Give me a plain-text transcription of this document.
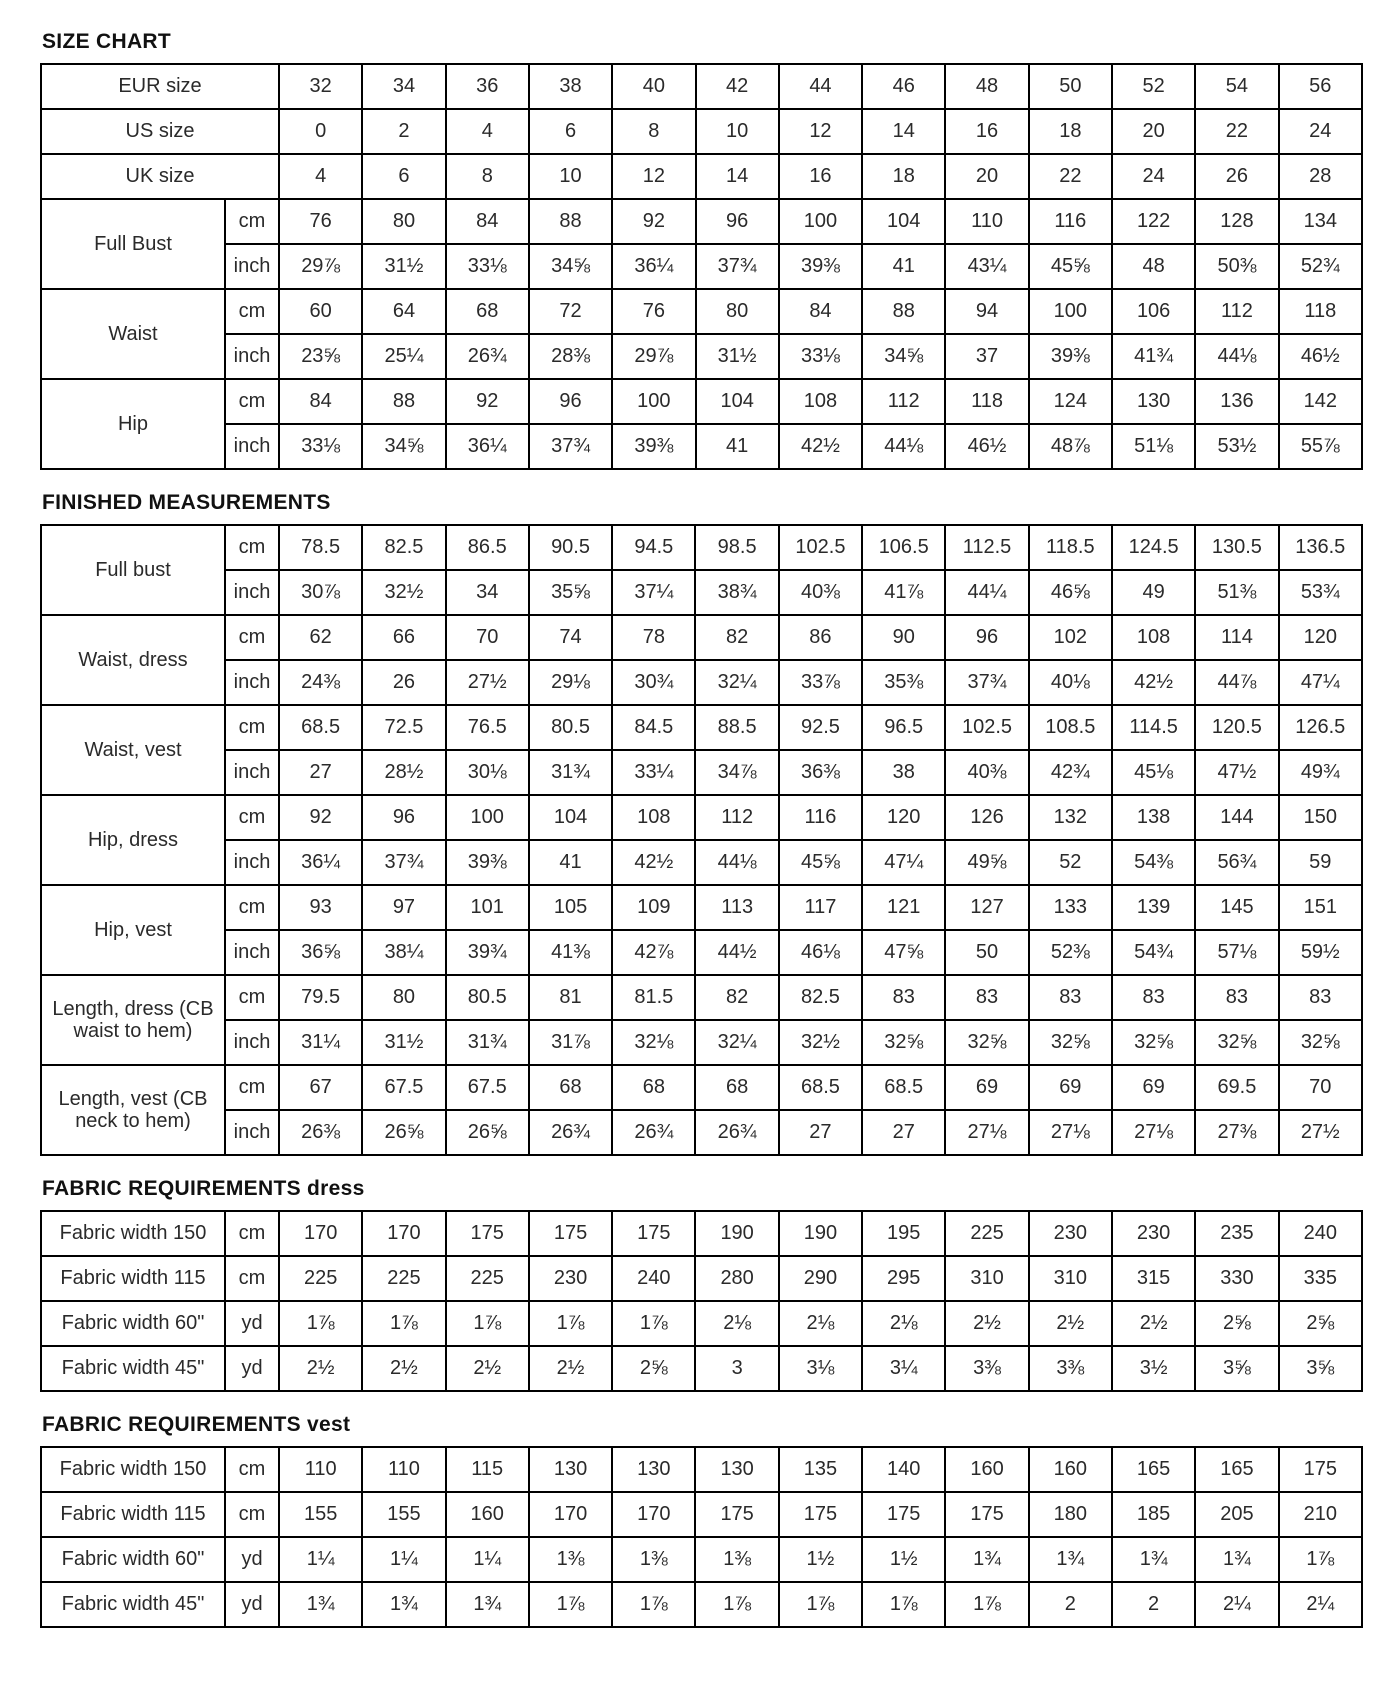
SIZE CHART
EUR size		32	34	36	38	40	42	44	46	48	50	52	54	56
US size		0	2	4	6	8	10	12	14	16	18	20	22	24
UK size		4	6	8	10	12	14	16	18	20	22	24	26	28
Full Bust	cm	76	80	84	88	92	96	100	104	110	116	122	128	134
	inch	29⅞	31½	33⅛	34⅝	36¼	37¾	39⅜	41	43¼	45⅝	48	50⅜	52¾
Waist	cm	60	64	68	72	76	80	84	88	94	100	106	112	118
	inch	23⅝	25¼	26¾	28⅜	29⅞	31½	33⅛	34⅝	37	39⅜	41¾	44⅛	46½
Hip	cm	84	88	92	96	100	104	108	112	118	124	130	136	142
	inch	33⅛	34⅝	36¼	37¾	39⅜	41	42½	44⅛	46½	48⅞	51⅛	53½	55⅞
FINISHED MEASUREMENTS
Full bust	cm	78.5	82.5	86.5	90.5	94.5	98.5	102.5	106.5	112.5	118.5	124.5	130.5	136.5
	inch	30⅞	32½	34	35⅝	37¼	38¾	40⅜	41⅞	44¼	46⅝	49	51⅜	53¾
Waist, dress	cm	62	66	70	74	78	82	86	90	96	102	108	114	120
	inch	24⅜	26	27½	29⅛	30¾	32¼	33⅞	35⅜	37¾	40⅛	42½	44⅞	47¼
Waist, vest	cm	68.5	72.5	76.5	80.5	84.5	88.5	92.5	96.5	102.5	108.5	114.5	120.5	126.5
	inch	27	28½	30⅛	31¾	33¼	34⅞	36⅜	38	40⅜	42¾	45⅛	47½	49¾
Hip, dress	cm	92	96	100	104	108	112	116	120	126	132	138	144	150
	inch	36¼	37¾	39⅜	41	42½	44⅛	45⅝	47¼	49⅝	52	54⅜	56¾	59
Hip, vest	cm	93	97	101	105	109	113	117	121	127	133	139	145	151
	inch	36⅝	38¼	39¾	41⅜	42⅞	44½	46⅛	47⅝	50	52⅜	54¾	57⅛	59½
Length, dress (CB waist to hem)	cm	79.5	80	80.5	81	81.5	82	82.5	83	83	83	83	83	83
	inch	31¼	31½	31¾	31⅞	32⅛	32¼	32½	32⅝	32⅝	32⅝	32⅝	32⅝	32⅝
Length, vest (CB neck to hem)	cm	67	67.5	67.5	68	68	68	68.5	68.5	69	69	69	69.5	70
	inch	26⅜	26⅝	26⅝	26¾	26¾	26¾	27	27	27⅛	27⅛	27⅛	27⅜	27½
FABRIC REQUIREMENTS dress
Fabric width 150	cm	170	170	175	175	175	190	190	195	225	230	230	235	240
Fabric width 115	cm	225	225	225	230	240	280	290	295	310	310	315	330	335
Fabric width 60"	yd	1⅞	1⅞	1⅞	1⅞	1⅞	2⅛	2⅛	2⅛	2½	2½	2½	2⅝	2⅝
Fabric width 45"	yd	2½	2½	2½	2½	2⅝	3	3⅛	3¼	3⅜	3⅜	3½	3⅝	3⅝
FABRIC REQUIREMENTS vest
Fabric width 150	cm	110	110	115	130	130	130	135	140	160	160	165	165	175
Fabric width 115	cm	155	155	160	170	170	175	175	175	175	180	185	205	210
Fabric width 60"	yd	1¼	1¼	1¼	1⅜	1⅜	1⅜	1½	1½	1¾	1¾	1¾	1¾	1⅞
Fabric width 45"	yd	1¾	1¾	1¾	1⅞	1⅞	1⅞	1⅞	1⅞	1⅞	2	2	2¼	2¼
